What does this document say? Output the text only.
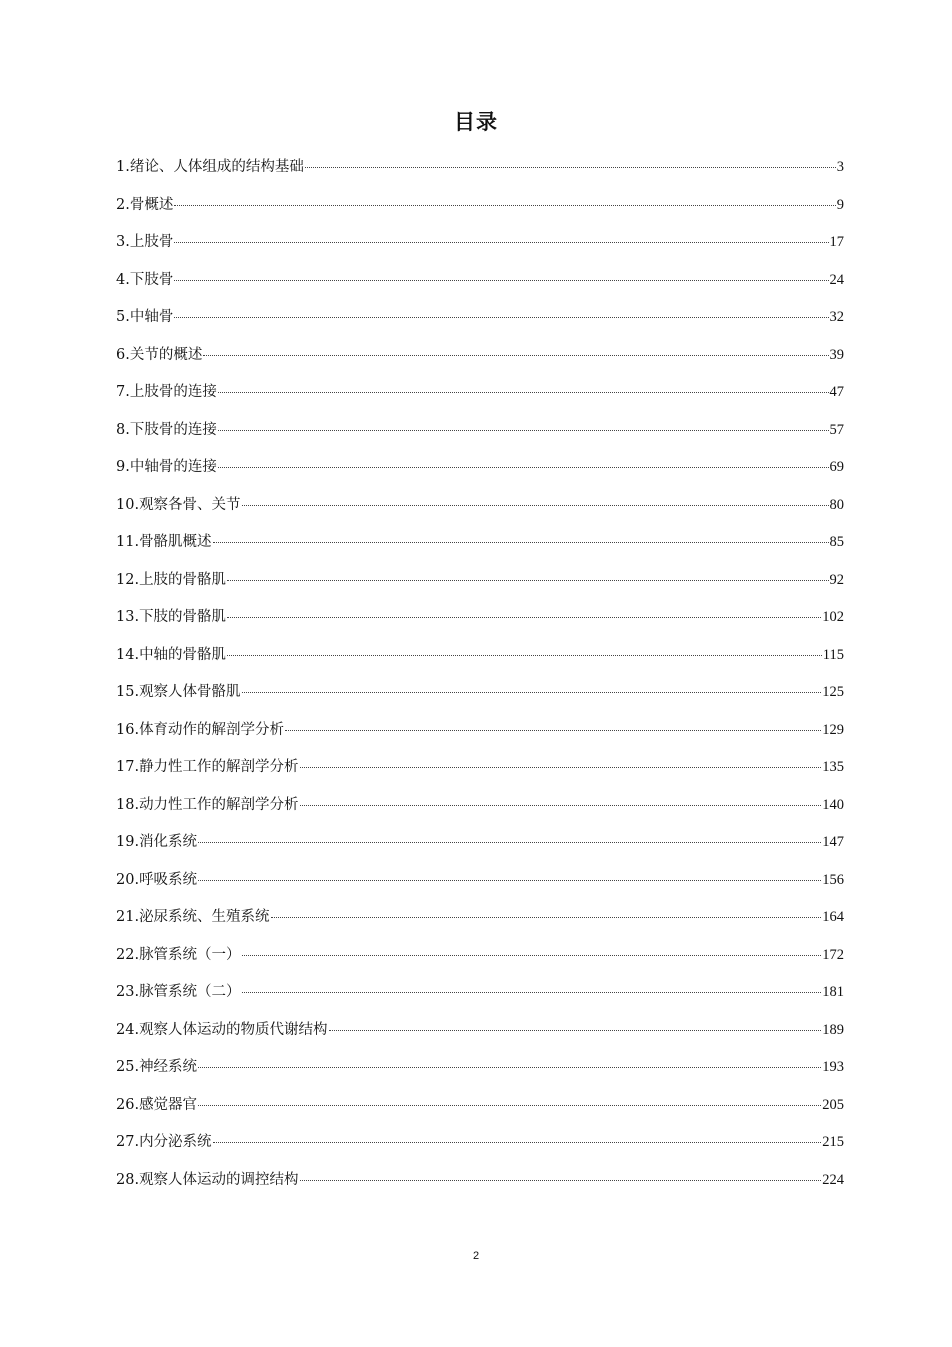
目录
1. 绪论、人体组成的结构基础	3
2. 骨概述	9
3. 上肢骨	17
4. 下肢骨	24
5. 中轴骨	32
6. 关节的概述	39
7. 上肢骨的连接	47
8. 下肢骨的连接	57
9. 中轴骨的连接	69
10. 观察各骨、关节	80
11. 骨骼肌概述	85
12. 上肢的骨骼肌	92
13. 下肢的骨骼肌	102
14. 中轴的骨骼肌	115
15. 观察人体骨骼肌	125
16. 体育动作的解剖学分析	129
17. 静力性工作的解剖学分析	135
18. 动力性工作的解剖学分析	140
19. 消化系统	147
20. 呼吸系统	156
21. 泌尿系统、生殖系统	164
22. 脉管系统（一）	172
23. 脉管系统（二）	181
24. 观察人体运动的物质代谢结构	189
25. 神经系统	193
26. 感觉器官	205
27. 内分泌系统	215
28. 观察人体运动的调控结构	224
2
